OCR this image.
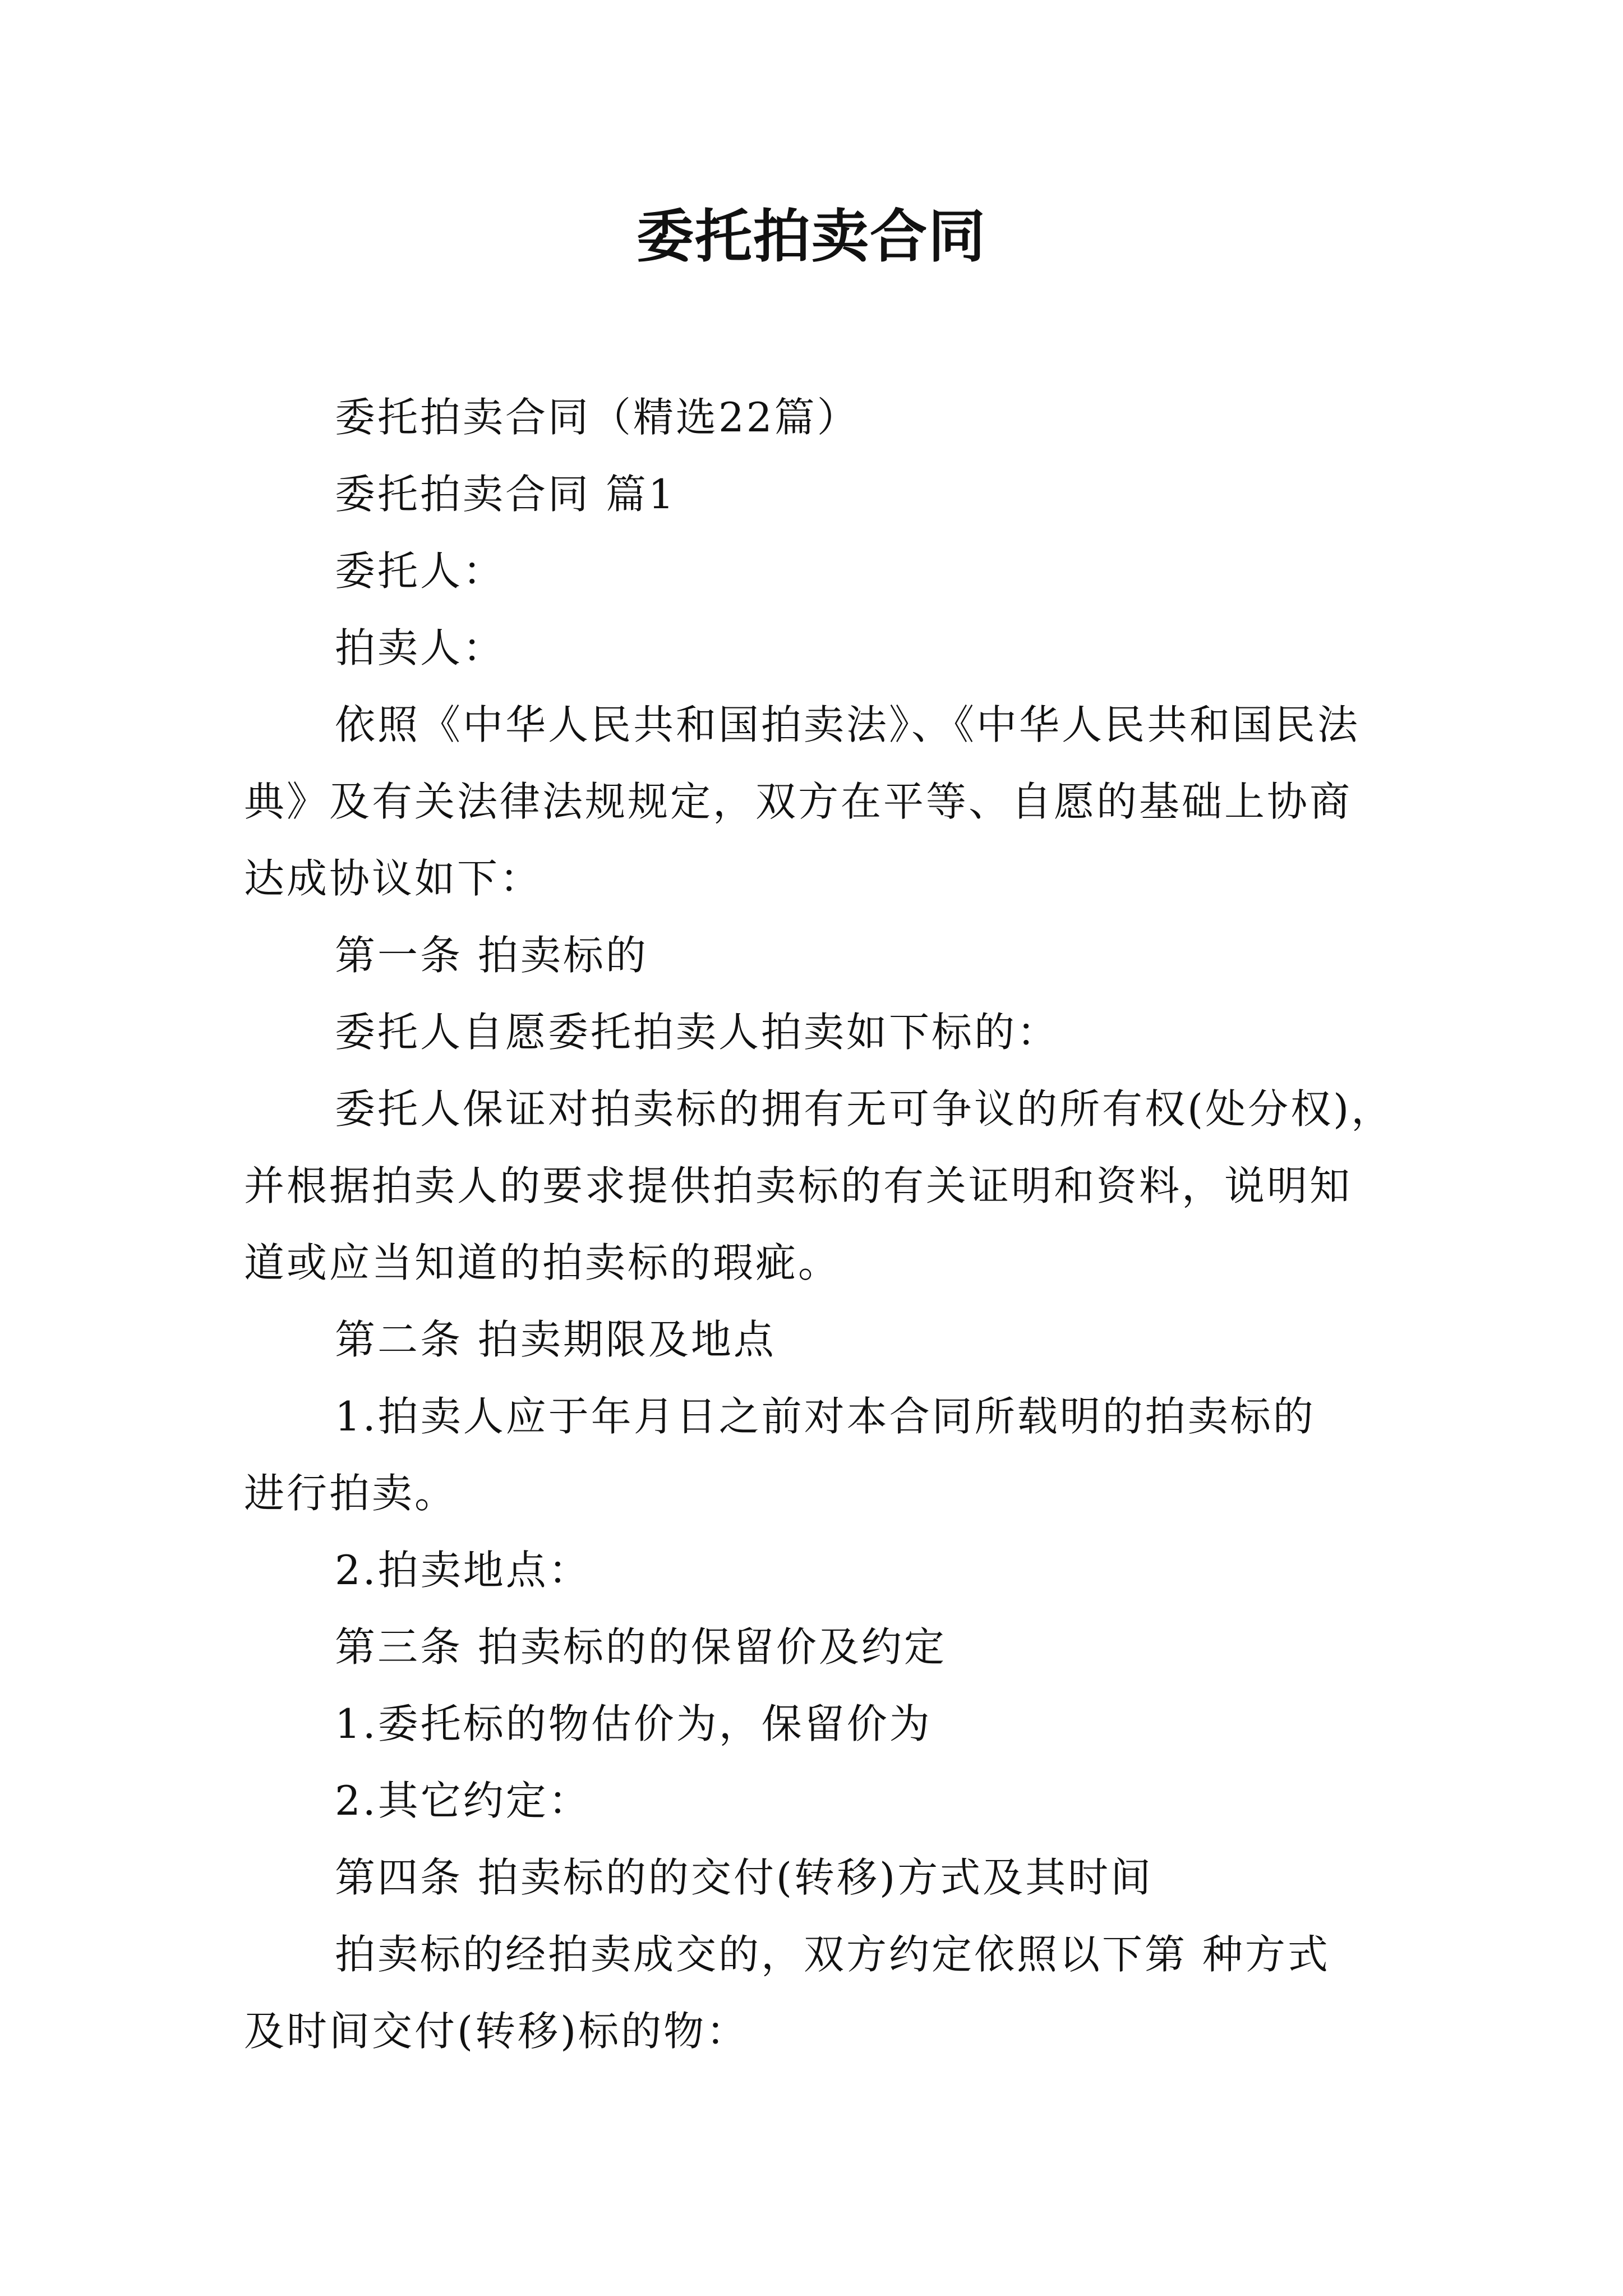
委托拍卖合同
委托拍卖合同（精选22篇）
委托拍卖合同 篇1
委托人：
拍卖人：
依照《中华人民共和国拍卖法》、《中华人民共和国民法
典》及有关法律法规规定，双方在平等、自愿的基础上协商
达成协议如下：
第一条 拍卖标的
委托人自愿委托拍卖人拍卖如下标的：
委托人保证对拍卖标的拥有无可争议的所有权(处分权)，
并根据拍卖人的要求提供拍卖标的有关证明和资料，说明知
道或应当知道的拍卖标的瑕疵。
第二条 拍卖期限及地点
1.拍卖人应于年月日之前对本合同所载明的拍卖标的
进行拍卖。
2.拍卖地点：
第三条 拍卖标的的保留价及约定
1.委托标的物估价为，保留价为
2.其它约定：
第四条 拍卖标的的交付(转移)方式及其时间
拍卖标的经拍卖成交的，双方约定依照以下第 种方式
及时间交付(转移)标的物：
